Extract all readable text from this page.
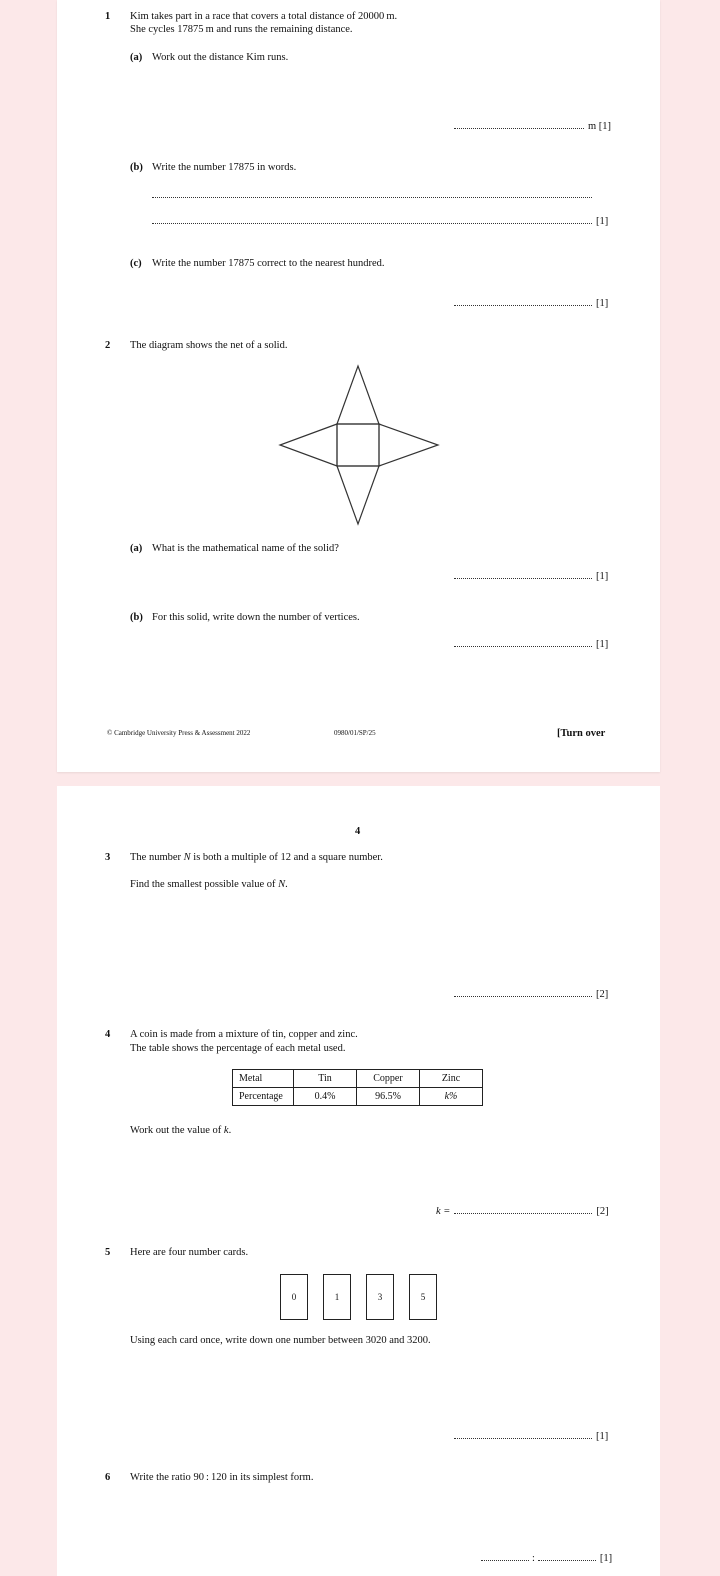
1 Kim takes part in a race that covers a total distance of 20000 m.
She cycles 17875 m and runs the remaining distance.
(a) Work out the distance Kim runs.
m [1]
(b) Write the number 17875 in words.
[1]
(c) Write the number 17875 correct to the nearest hundred.
[1]
2 The diagram shows the net of a solid.
(a) What is the mathematical name of the solid?
[1]
(b) For this solid, write down the number of vertices.
[1]
© Cambridge University Press & Assessment 2022	0980/01/SP/25	[Turn over
4
3 The number N is both a multiple of 12 and a square number.
Find the smallest possible value of N.
[2]
4 A coin is made from a mixture of tin, copper and zinc.
The table shows the percentage of each metal used.
Metal	Tin	Copper	Zinc
Percentage	0.4%	96.5%	k%
Work out the value of k.
k =	[2]
5 Here are four number cards.
0	1	3	5
Using each card once, write down one number between 3020 and 3200.
[1]
6 Write the ratio 90 : 120 in its simplest form.
:	[1]
